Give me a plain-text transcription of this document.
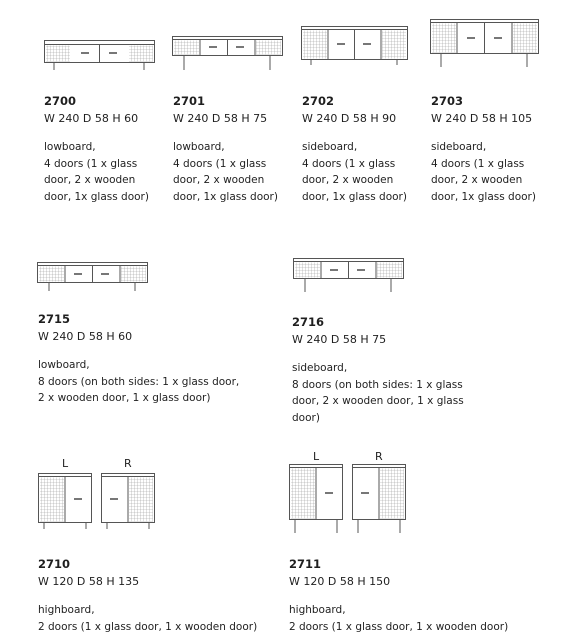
2700
W 240 D 58 H 60
lowboard,
4 doors (1 x glass door, 2 x wooden door, 1x glass door)
2701
W 240 D 58 H 75
lowboard,
4 doors (1 x glass door, 2 x wooden door, 1x glass door)
2702
W 240 D 58 H 90
sideboard,
4 doors (1 x glass door, 2 x wooden door, 1x glass door)
2703
W 240 D 58 H 105
sideboard,
4 doors (1 x glass door, 2 x wooden door, 1x glass door)
2715
W 240 D 58 H 60
lowboard,
8 doors (on both sides: 1 x glass door, 2 x wooden door, 1 x glass door)
2716
W 240 D 58 H 75
sideboard,
8 doors (on both sides: 1 x glass door, 2 x wooden door, 1 x glass door)
L	R
L	R
2710
W 120 D 58 H 135
highboard,
2 doors (1 x glass door, 1 x wooden door)
2711
W 120 D 58 H 150
highboard,
2 doors (1 x glass door, 1 x wooden door)
